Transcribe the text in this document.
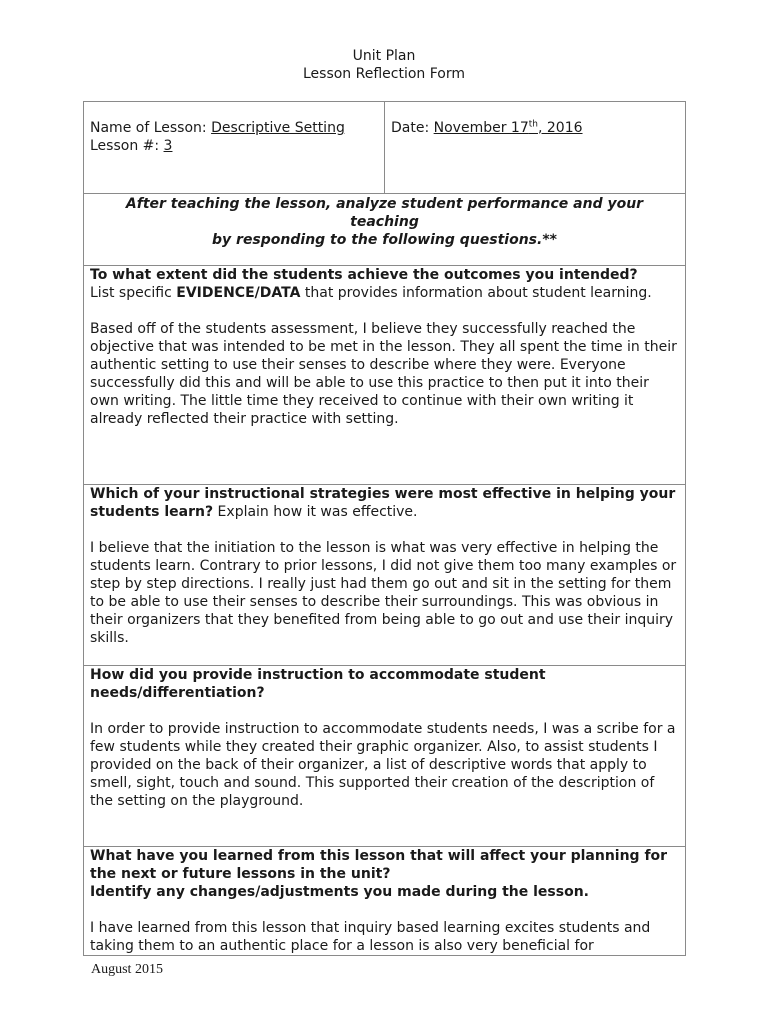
Unit Plan
Lesson Reflection Form
Name of Lesson: Descriptive Setting
Lesson #: 3

Date: November 17th, 2016

After teaching the lesson, analyze student performance and your teaching
by responding to the following questions.**

To what extent did the students achieve the outcomes you intended?
List specific EVIDENCE/DATA that provides information about student learning.
Based off of the students assessment, I believe they successfully reached the objective that was intended to be met in the lesson. They all spent the time in their authentic setting to use their senses to describe where they were. Everyone successfully did this and will be able to use this practice to then put it into their own writing. The little time they received to continue with their own writing it already reflected their practice with setting.

Which of your instructional strategies were most effective in helping your students learn? Explain how it was effective.
I believe that the initiation to the lesson is what was very effective in helping the students learn. Contrary to prior lessons, I did not give them too many examples or step by step directions. I really just had them go out and sit in the setting for them to be able to use their senses to describe their surroundings. This was obvious in their organizers that they benefited from being able to go out and use their inquiry skills.

How did you provide instruction to accommodate student needs/differentiation?
In order to provide instruction to accommodate students needs, I was a scribe for a few students while they created their graphic organizer. Also, to assist students I provided on the back of their organizer, a list of descriptive words that apply to smell, sight, touch and sound. This supported their creation of the description of the setting on the playground.

What have you learned from this lesson that will affect your planning for the next or future lessons in the unit?
Identify any changes/adjustments you made during the lesson.
I have learned from this lesson that inquiry based learning excites students and taking them to an authentic place for a lesson is also very beneficial for
August 2015
